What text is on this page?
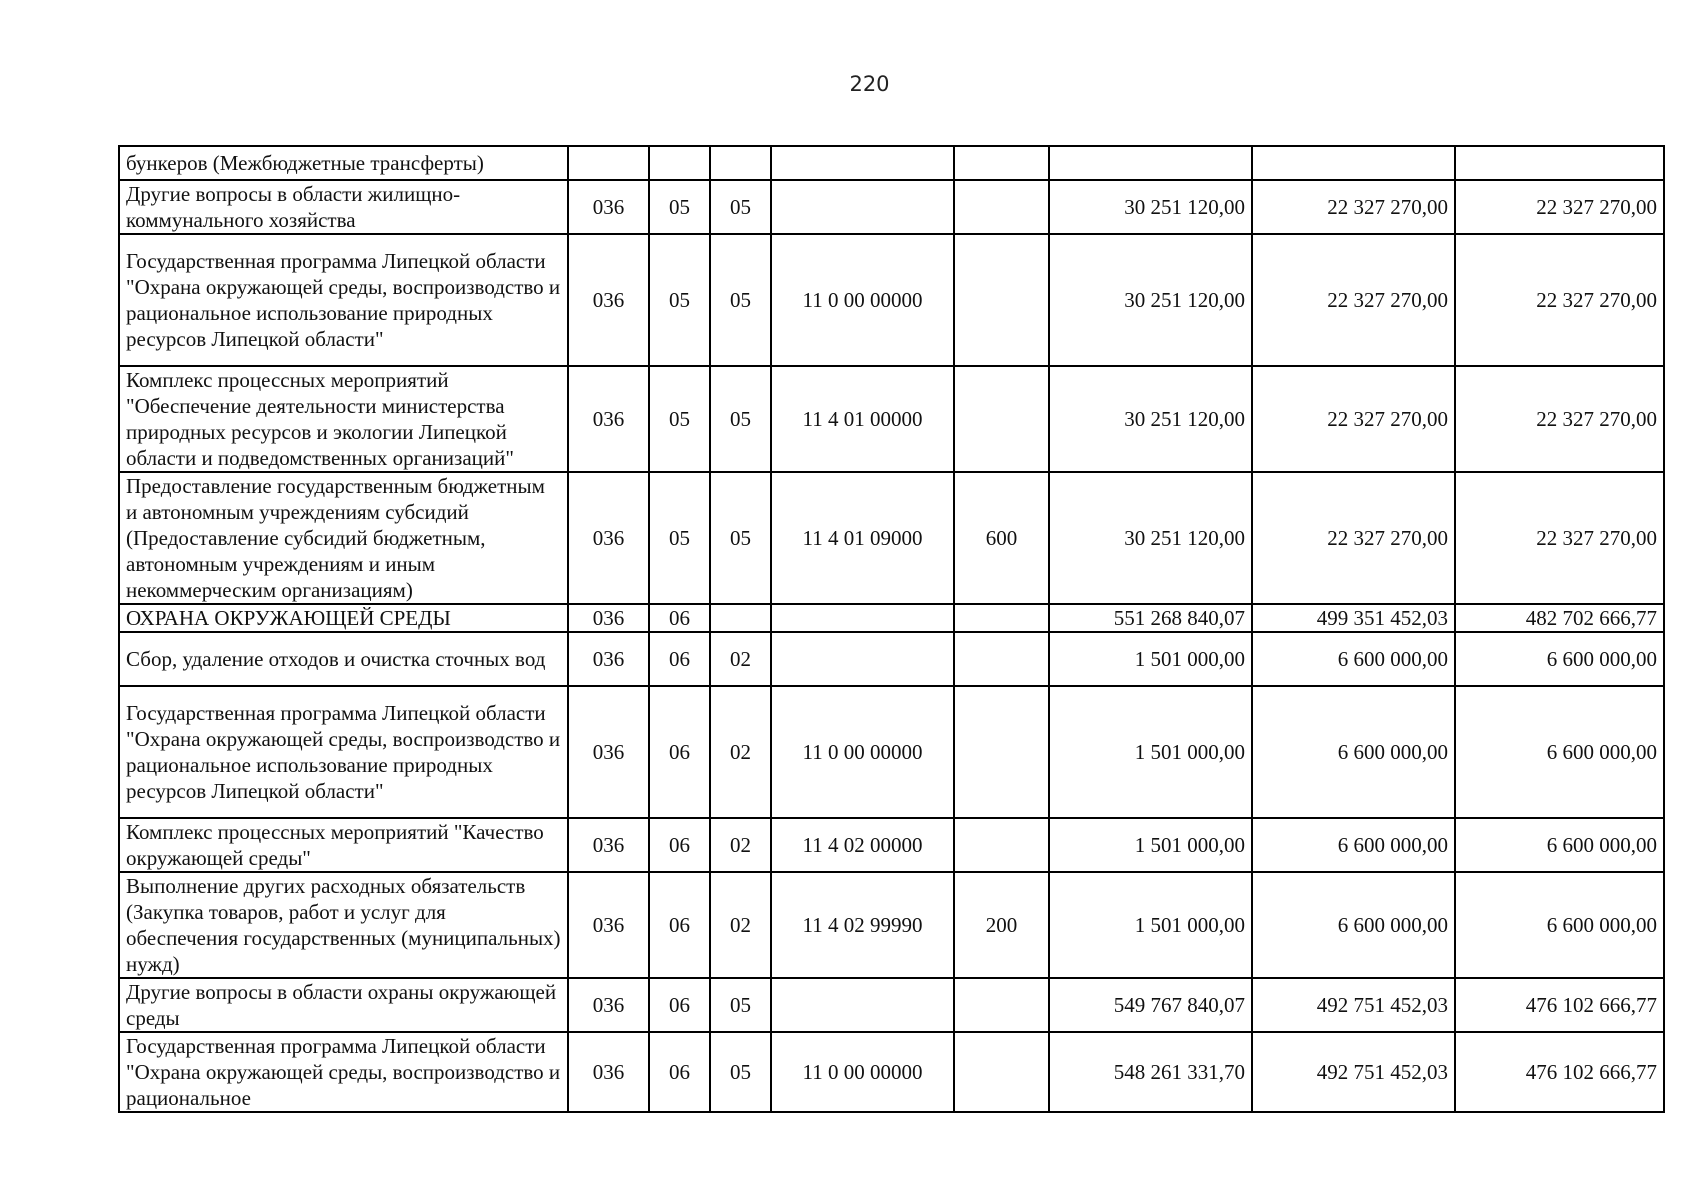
220
бункеров (Межбюджетные трансферты)								
Другие вопросы в области жилищно-коммунального хозяйства	036	05	05			30 251 120,00	22 327 270,00	22 327 270,00
Государственная программа Липецкой области "Охрана окружающей среды, воспроизводство и рациональное использование природных ресурсов Липецкой области"	036	05	05	11 0 00 00000		30 251 120,00	22 327 270,00	22 327 270,00
Комплекс процессных мероприятий "Обеспечение деятельности министерства природных ресурсов и экологии Липецкой области и подведомственных организаций"	036	05	05	11 4 01 00000		30 251 120,00	22 327 270,00	22 327 270,00
Предоставление государственным бюджетным и автономным учреждениям субсидий (Предоставление субсидий бюджетным, автономным учреждениям и иным некоммерческим организациям)	036	05	05	11 4 01 09000	600	30 251 120,00	22 327 270,00	22 327 270,00
ОХРАНА ОКРУЖАЮЩЕЙ СРЕДЫ	036	06				551 268 840,07	499 351 452,03	482 702 666,77
Сбор, удаление отходов и очистка сточных вод	036	06	02			1 501 000,00	6 600 000,00	6 600 000,00
Государственная программа Липецкой области "Охрана окружающей среды, воспроизводство и рациональное использование природных ресурсов Липецкой области"	036	06	02	11 0 00 00000		1 501 000,00	6 600 000,00	6 600 000,00
Комплекс процессных мероприятий "Качество окружающей среды"	036	06	02	11 4 02 00000		1 501 000,00	6 600 000,00	6 600 000,00
Выполнение других расходных обязательств (Закупка товаров, работ и услуг для обеспечения государственных (муниципальных) нужд)	036	06	02	11 4 02 99990	200	1 501 000,00	6 600 000,00	6 600 000,00
Другие вопросы в области охраны окружающей среды	036	06	05			549 767 840,07	492 751 452,03	476 102 666,77
Государственная программа Липецкой области "Охрана окружающей среды, воспроизводство и рациональное	036	06	05	11 0 00 00000		548 261 331,70	492 751 452,03	476 102 666,77
